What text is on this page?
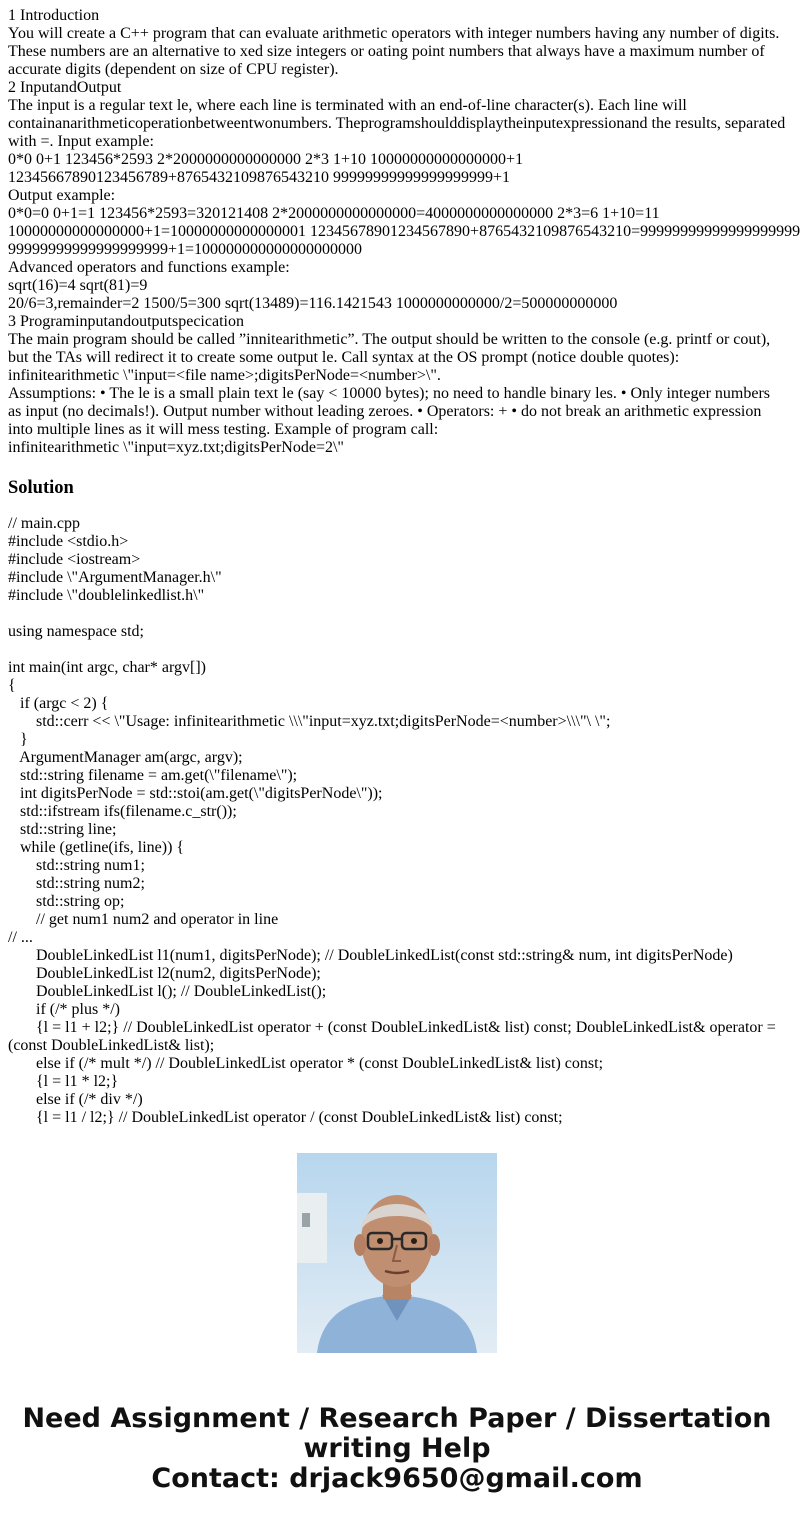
1 Introduction
You will create a C++ program that can evaluate arithmetic operators with integer numbers having any number of digits.
These numbers are an alternative to xed size integers or oating point numbers that always have a maximum number of
accurate digits (dependent on size of CPU register).
2 InputandOutput
The input is a regular text le, where each line is terminated with an end-of-line character(s). Each line will
containanarithmeticoperationbetweentwonumbers. Theprogramshoulddisplaytheinputexpressionand the results, separated
with =. Input example:
0*0 0+1 123456*2593 2*2000000000000000 2*3 1+10 10000000000000000+1
12345667890123456789+8765432109876543210 99999999999999999999+1
Output example:
0*0=0 0+1=1 123456*2593=320121408 2*2000000000000000=4000000000000000 2*3=6 1+10=11
10000000000000000+1=10000000000000001 12345678901234567890+8765432109876543210=99999999999999999999
99999999999999999999+1=100000000000000000000
Advanced operators and functions example:
sqrt(16)=4 sqrt(81)=9
20/6=3,remainder=2 1500/5=300 sqrt(13489)=116.1421543 1000000000000/2=500000000000
3 Programinputandoutputspecication
The main program should be called ”innitearithmetic”. The output should be written to the console (e.g. printf or cout),
but the TAs will redirect it to create some output le. Call syntax at the OS prompt (notice double quotes):
infinitearithmetic \"input=<file name>;digitsPerNode=<number>\".
Assumptions: • The le is a small plain text le (say < 10000 bytes); no need to handle binary les. • Only integer numbers
as input (no decimals!). Output number without leading zeroes. • Operators: + • do not break an arithmetic expression
into multiple lines as it will mess testing. Example of program call:
infinitearithmetic \"input=xyz.txt;digitsPerNode=2\"
Solution
// main.cpp
#include <stdio.h>
#include <iostream>
#include \"ArgumentManager.h\"
#include \"doublelinkedlist.h\"
using namespace std;
int main(int argc, char* argv[])
{
if (argc < 2) {
std::cerr << \"Usage: infinitearithmetic \\\"input=xyz.txt;digitsPerNode=<number>\\\"\ \";
}
ArgumentManager am(argc, argv);
std::string filename = am.get(\"filename\");
int digitsPerNode = std::stoi(am.get(\"digitsPerNode\"));
std::ifstream ifs(filename.c_str());
std::string line;
while (getline(ifs, line)) {
std::string num1;
std::string num2;
std::string op;
// get num1 num2 and operator in line
// ...
DoubleLinkedList l1(num1, digitsPerNode); // DoubleLinkedList(const std::string& num, int digitsPerNode)
DoubleLinkedList l2(num2, digitsPerNode);
DoubleLinkedList l(); // DoubleLinkedList();
if (/* plus */)
{l = l1 + l2;} // DoubleLinkedList operator + (const DoubleLinkedList& list) const; DoubleLinkedList& operator =
(const DoubleLinkedList& list);
else if (/* mult */) // DoubleLinkedList operator * (const DoubleLinkedList& list) const;
{l = l1 * l2;}
else if (/* div */)
{l = l1 / l2;} // DoubleLinkedList operator / (const DoubleLinkedList& list) const;
Need Assignment / Research Paper / Dissertation
writing Help
Contact: drjack9650@gmail.com
